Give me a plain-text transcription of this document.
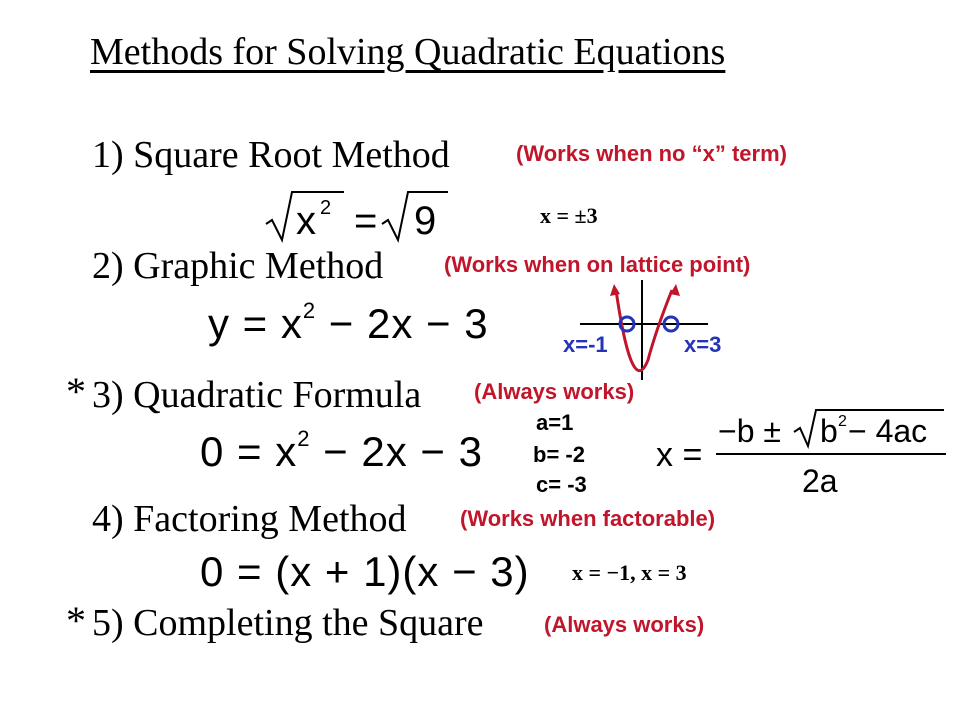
Methods for Solving Quadratic Equations
1) Square Root Method	(Works when no “x” term)
x 2 = 9	x = ±3
2) Graphic Method	(Works when on lattice point)
$y = x^2 - 2x - 3$	x=-1	x=3
* 3) Quadratic Formula (Always works)
$0 = x^2 - 2x - 3$
a=1
b= -2
c= -3
x =
−b ± b 2 − 4ac
2a
4) Factoring Method (Works when factorable)
0 = (x + 1)(x − 3) x = −1, x = 3
* 5) Completing the Square	(Always works)
